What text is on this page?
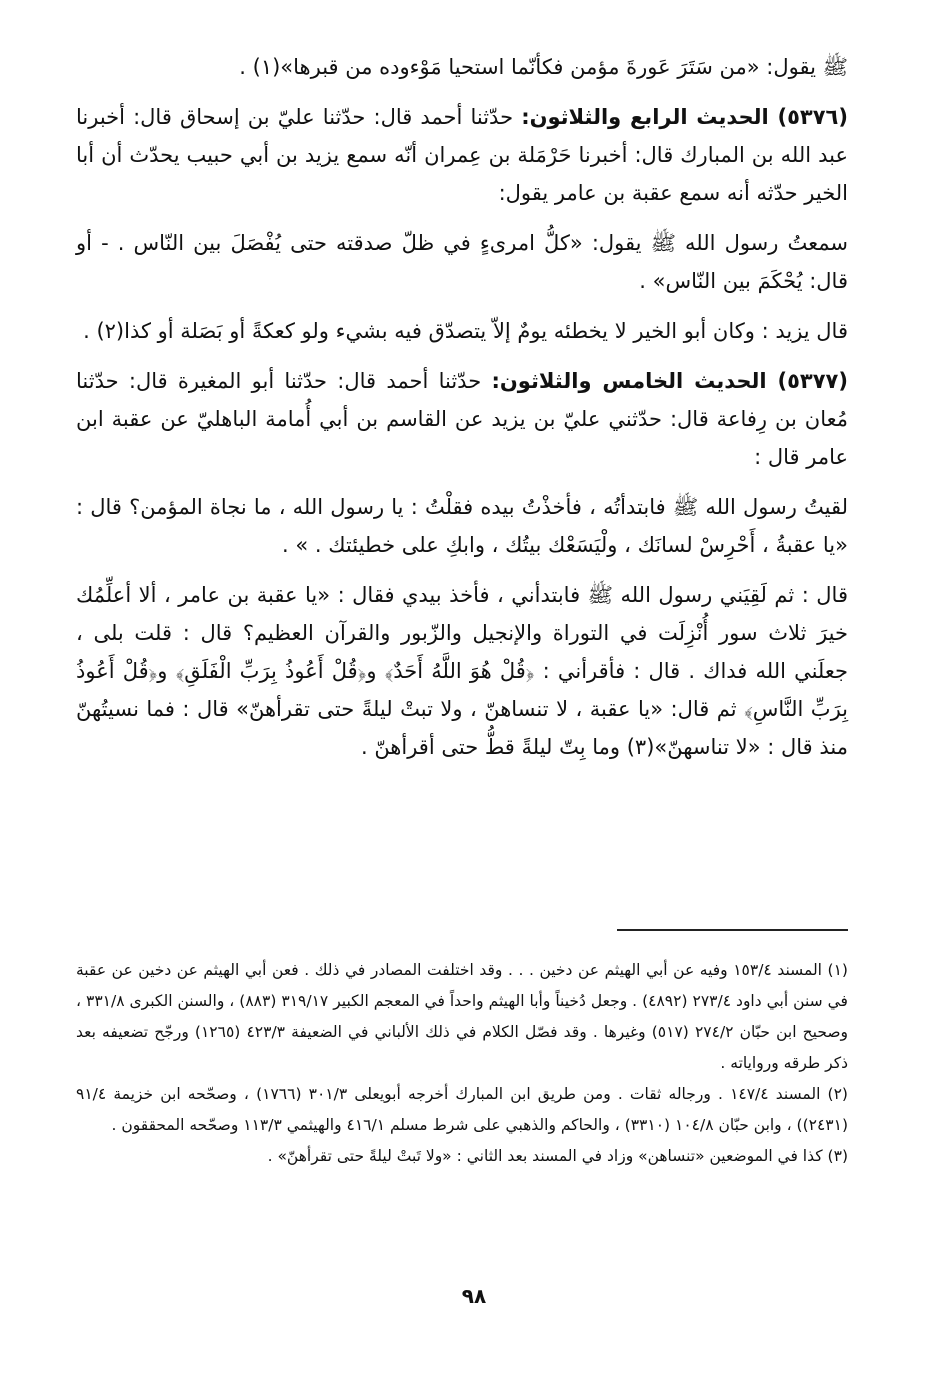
ﷺ يقول: «من سَتَرَ عَورةَ مؤمن فكأنّما استحيا مَوْءوده من قبرها»(١) .

(٥٣٧٦) الحديث الرابع والثلاثون: حدّثنا أحمد قال: حدّثنا عليّ بن إسحاق قال: أخبرنا عبد الله بن المبارك قال: أخبرنا حَرْمَلة بن عِمران أنّه سمع يزيد بن أبي حبيب يحدّث أن أبا الخير حدّثه أنه سمع عقبة بن عامر يقول:

سمعتُ رسول الله ﷺ يقول: «كلُّ امرىءٍ في ظلّ صدقته حتى يُفْصَلَ بين النّاس . - أو قال: يُحْكَمَ بين النّاس» .

قال يزيد : وكان أبو الخير لا يخطئه يومٌ إلاّ يتصدّق فيه بشيء ولو كعكةً أو بَصَلة أو كذا(٢) .

(٥٣٧٧) الحديث الخامس والثلاثون: حدّثنا أحمد قال: حدّثنا أبو المغيرة قال: حدّثنا مُعان بن رِفاعة قال: حدّثني عليّ بن يزيد عن القاسم بن أبي أُمامة الباهليّ عن عقبة ابن عامر قال :

لقيتُ رسول الله ﷺ فابتدأتُه ، فأخذْتُ بيده فقلْتُ : يا رسول الله ، ما نجاة المؤمن؟ قال : «يا عقبةُ ، أَحْرِسْ لسانَك ، ولْيَسَعْك بيتُك ، وابكِ على خطيئتك . » .

قال : ثم لَقِيَني رسول الله ﷺ فابتدأني ، فأخذ بيدي فقال : «يا عقبة بن عامر ، ألا أعلِّمُك خيرَ ثلاث سور أُنْزِلَت في التوراة والإنجيل والزّبور والقرآن العظيم؟ قال : قلت بلى ، جعلَني الله فداك . قال : فأقرأني : ﴿قُلْ هُوَ اللَّهُ أَحَدٌ﴾ و﴿قُلْ أَعُوذُ بِرَبِّ الْفَلَقِ﴾ و﴿قُلْ أَعُوذُ بِرَبِّ النَّاسِ﴾ ثم قال: «يا عقبة ، لا تنساهنّ ، ولا تبتْ ليلةً حتى تقرأهنّ» قال : فما نسيتُهنّ منذ قال : «لا تناسهنّ»(٣) وما بِتّ ليلةً قطُّ حتى أقرأهنّ .

(١) المسند ١٥٣/٤ وفيه عن أبي الهيثم عن دخين . . . وقد اختلفت المصادر في ذلك . فعن أبي الهيثم عن دخين عن عقبة في سنن أبي داود ٢٧٣/٤ (٤٨٩٢) . وجعل دُخيناً وأبا الهيثم واحداً في المعجم الكبير ٣١٩/١٧ (٨٨٣) ، والسنن الكبرى ٣٣١/٨ ، وصحيح ابن حبّان ٢٧٤/٢ (٥١٧) وغيرها . وقد فصّل الكلام في ذلك الألباني في الضعيفة ٤٢٣/٣ (١٢٦٥) ورجّح تضعيفه بعد ذكر طرقه ورواياته .

(٢) المسند ١٤٧/٤ . ورجاله ثقات . ومن طريق ابن المبارك أخرجه أبويعلى ٣٠١/٣ (١٧٦٦) ، وصحّحه ابن خزيمة ٩١/٤ (٢٤٣١)) ، وابن حبّان ١٠٤/٨ (٣٣١٠) ، والحاكم والذهبي على شرط مسلم ٤١٦/١ والهيثمي ١١٣/٣ وصحّحه المحققون .

(٣) كذا في الموضعين «تنساهن» وزاد في المسند بعد الثاني : «ولا تَبتْ ليلةً حتى تقرأهنّ» .

٩٨
